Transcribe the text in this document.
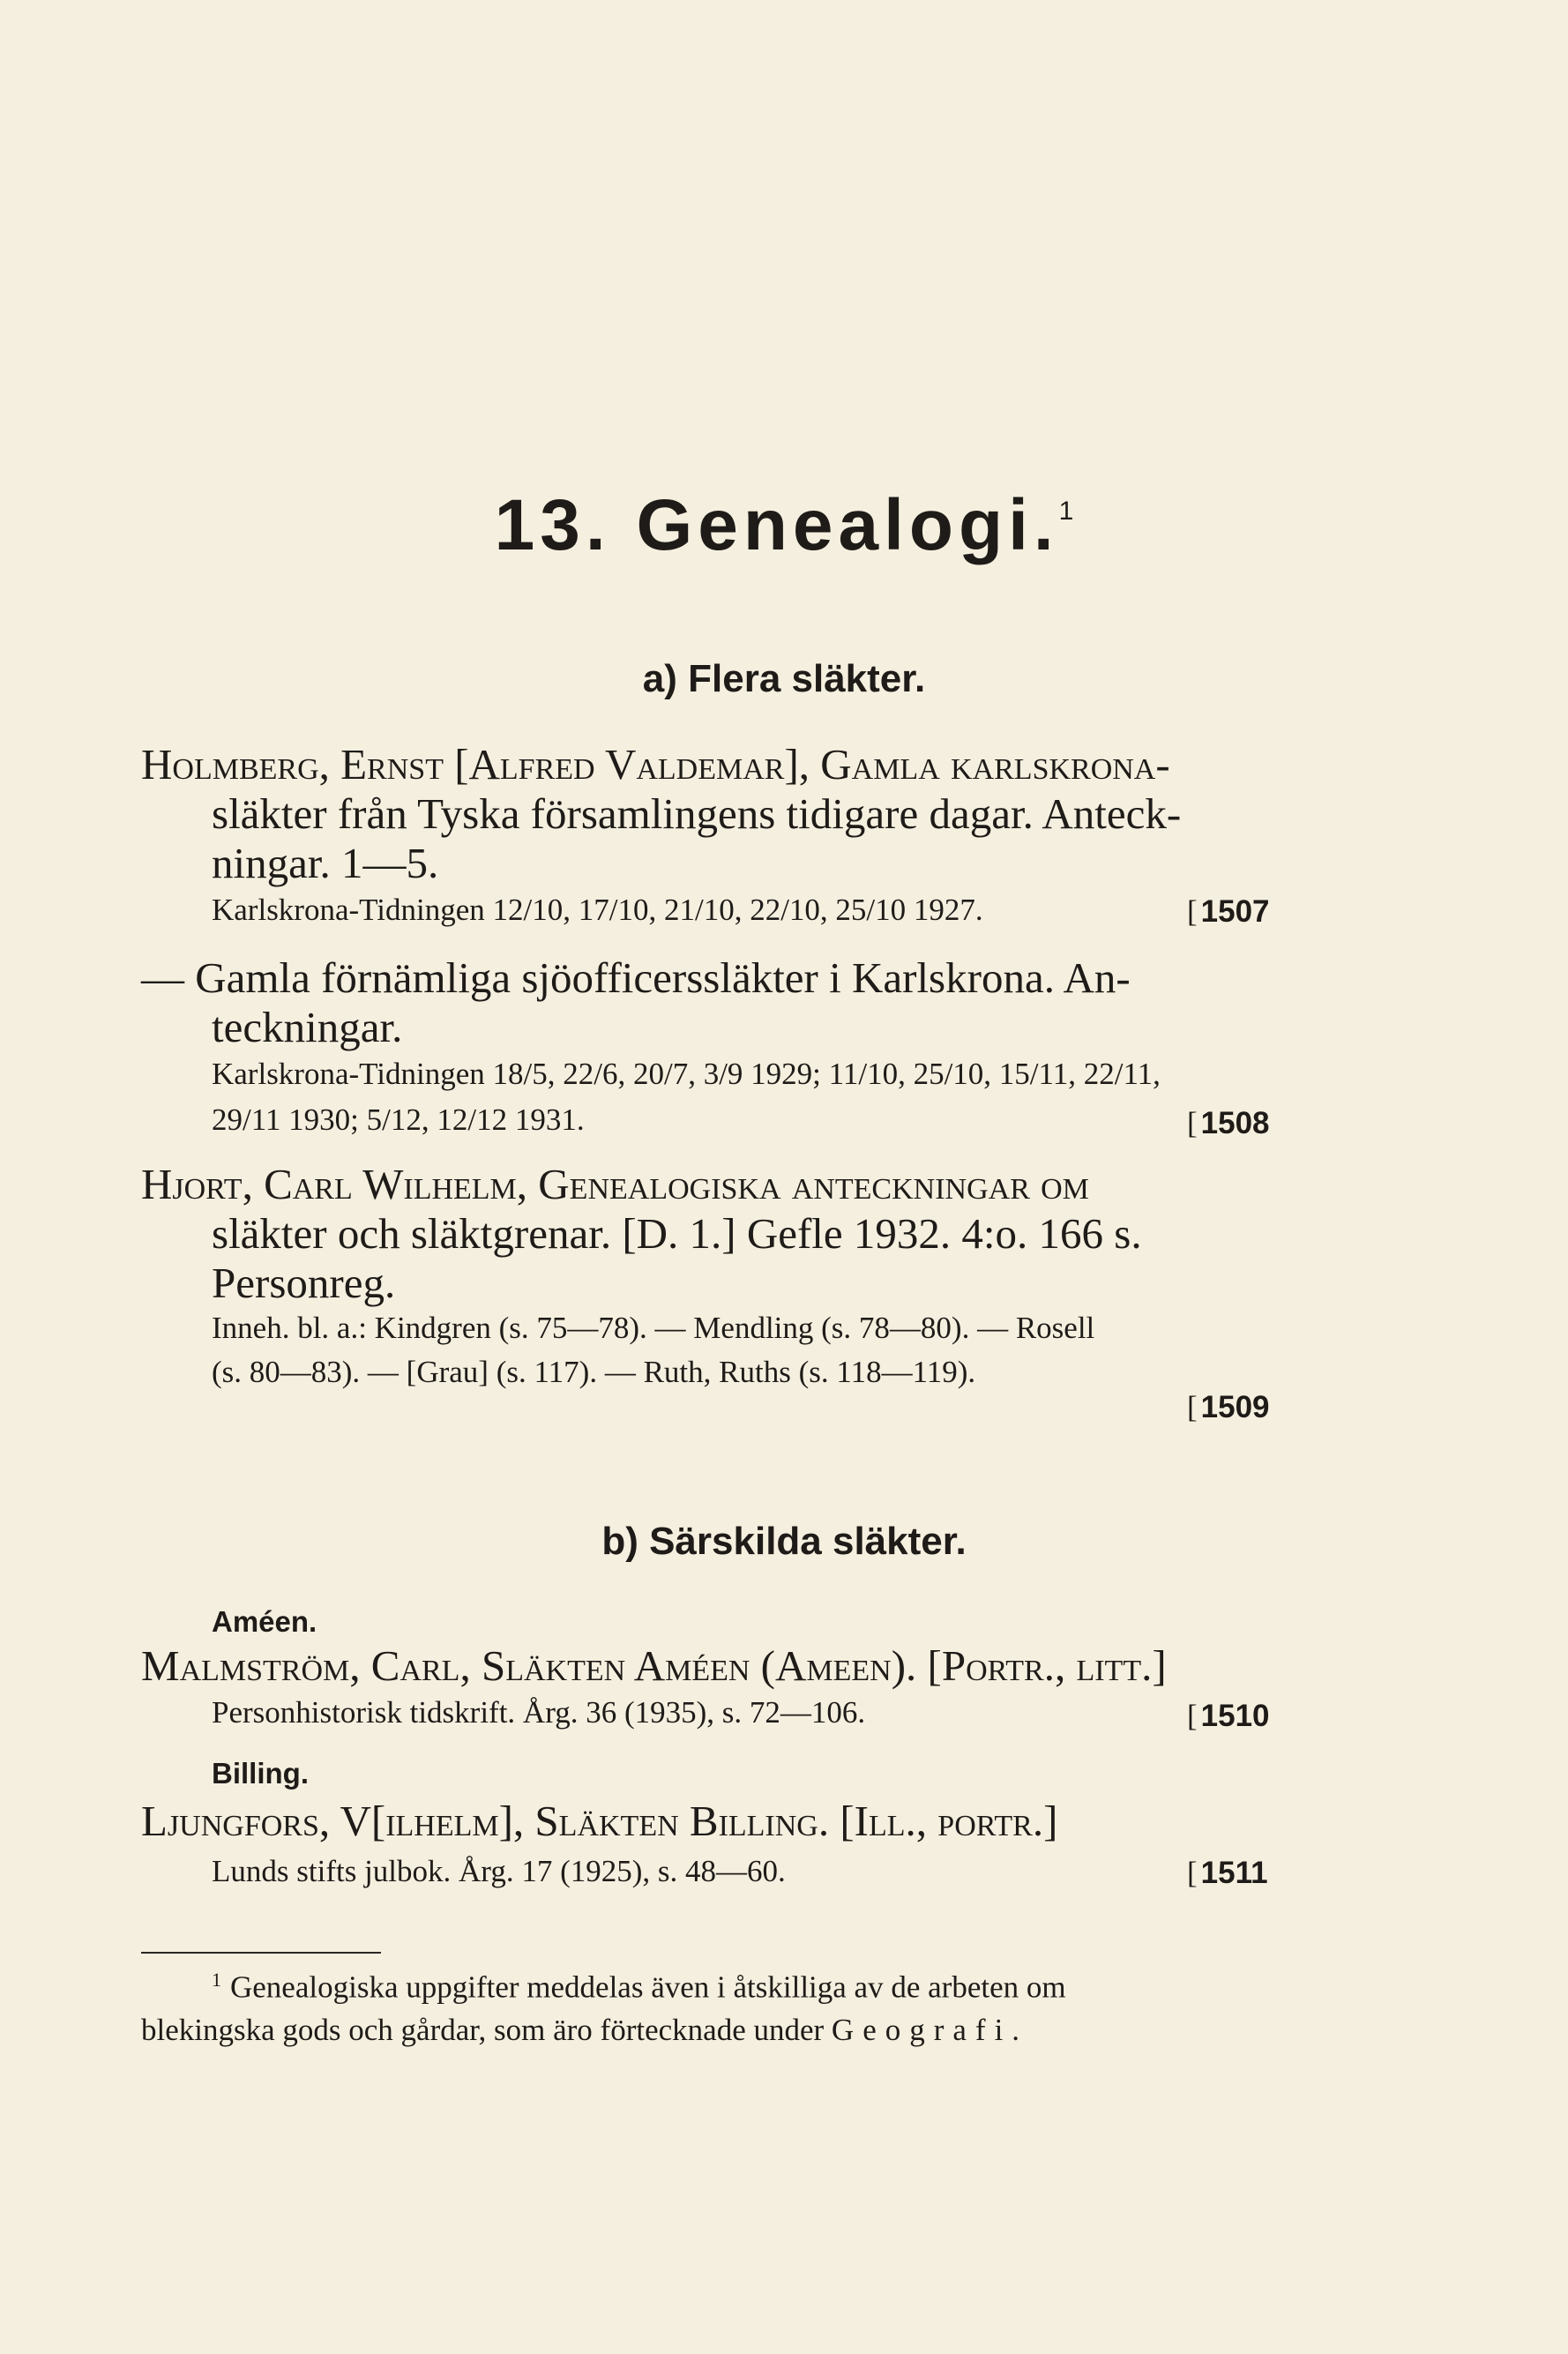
13. Genealogi.$^1$
a) Flera släkter.
Holmberg, Ernst [Alfred Valdemar], Gamla karlskrona-
släkter från Tyska församlingens tidigare dagar. Anteck-
ningar. 1—5.
Karlskrona-Tidningen 12/10, 17/10, 21/10, 22/10, 25/10 1927.	[ 1507
— Gamla förnämliga sjöofficerssläkter i Karlskrona. An-
teckningar.
Karlskrona-Tidningen 18/5, 22/6, 20/7, 3/9 1929; 11/10, 25/10, 15/11, 22/11,
29/11 1930; 5/12, 12/12 1931.	[ 1508
Hjort, Carl Wilhelm, Genealogiska anteckningar om
släkter och släktgrenar. [D. 1.] Gefle 1932. 4:o. 166 s.
Personreg.
Inneh. bl. a.: Kindgren (s. 75—78). — Mendling (s. 78—80). — Rosell
(s. 80—83). — [Grau] (s. 117). — Ruth, Ruths (s. 118—119).
[ 1509
b) Särskilda släkter.
Améen.
Malmström, Carl, Släkten Améen (Ameen). [Portr., litt.]
Personhistorisk tidskrift. Årg. 36 (1935), s. 72—106.	[ 1510
Billing.
Ljungfors, V[ilhelm], Släkten Billing. [Ill., portr.]
Lunds stifts julbok. Årg. 17 (1925), s. 48—60.	[ 1511
$^1$ Genealogiska uppgifter meddelas även i åtskilliga av de arbeten om
blekingska gods och gårdar, som äro förtecknade under Geografi.
